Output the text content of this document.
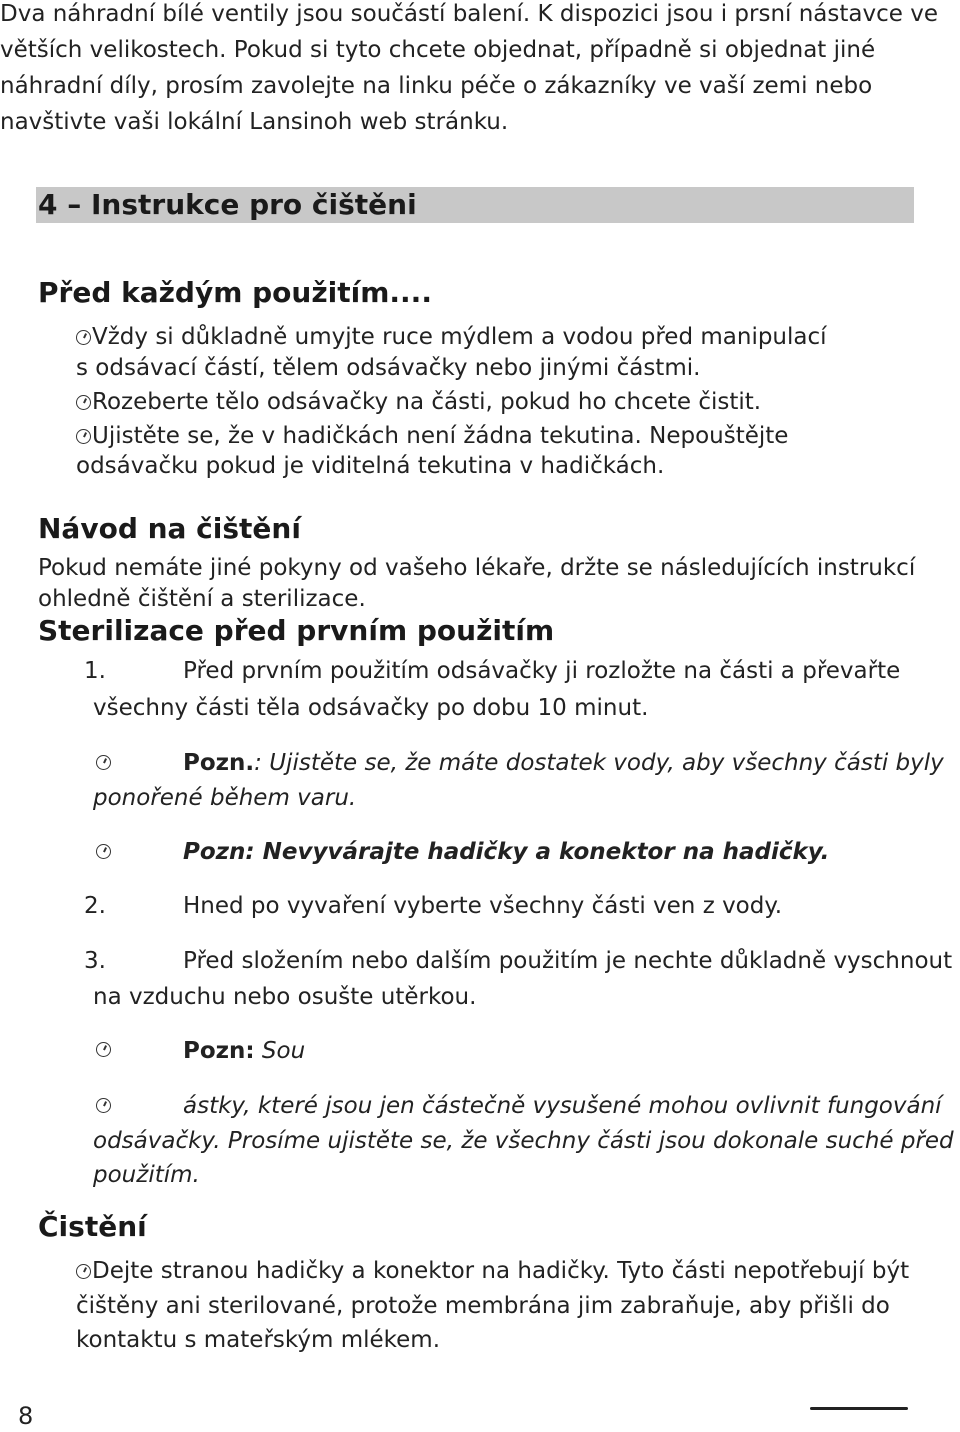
Dva náhradní bílé ventily jsou součástí balení. K dispozici jsou i prsní nástavce ve
větších velikostech. Pokud si tyto chcete objednat, případně si objednat jiné
náhradní díly, prosím zavolejte na linku péče o zákazníky ve vaší zemi nebo
navštivte vaši lokální Lansinoh web stránku.
4 – Instrukce pro čištěni
Před každým použitím....
Vždy si důkladně umyjte ruce mýdlem a vodou před manipulací
s odsávací částí, tělem odsávačky nebo jinými částmi.
Rozeberte tělo odsávačky na části, pokud ho chcete čistit.
Ujistěte se, že v hadičkách není žádna tekutina. Nepouštějte
odsávačku pokud je viditelná tekutina v hadičkách.
Návod na čištění
Pokud nemáte jiné pokyny od vašeho lékaře, držte se následujících instrukcí
ohledně čištění a sterilizace.
Sterilizace před prvním použitím
1.	Před prvním použitím odsávačky ji rozložte na části a převařte
všechny části těla odsávačky po dobu 10 minut.
Pozn.: Ujistěte se, že máte dostatek vody, aby všechny části byly
ponořené během varu.
Pozn: Nevyvárajte hadičky a konektor na hadičky.
2.	Hned po vyvaření vyberte všechny části ven z vody.
3.	Před složením nebo dalším použitím je nechte důkladně vyschnout
na vzduchu nebo osušte utěrkou.
Pozn: Sou
ástky, které jsou jen částečně vysušené mohou ovlivnit fungování
odsávačky. Prosíme ujistěte se, že všechny části jsou dokonale suché před
použitím.
Čistění
Dejte stranou hadičky a konektor na hadičky. Tyto části nepotřebují být
čištěny ani sterilované, protože membrána jim zabraňuje, aby přišli do
kontaktu s mateřským mlékem.
8
